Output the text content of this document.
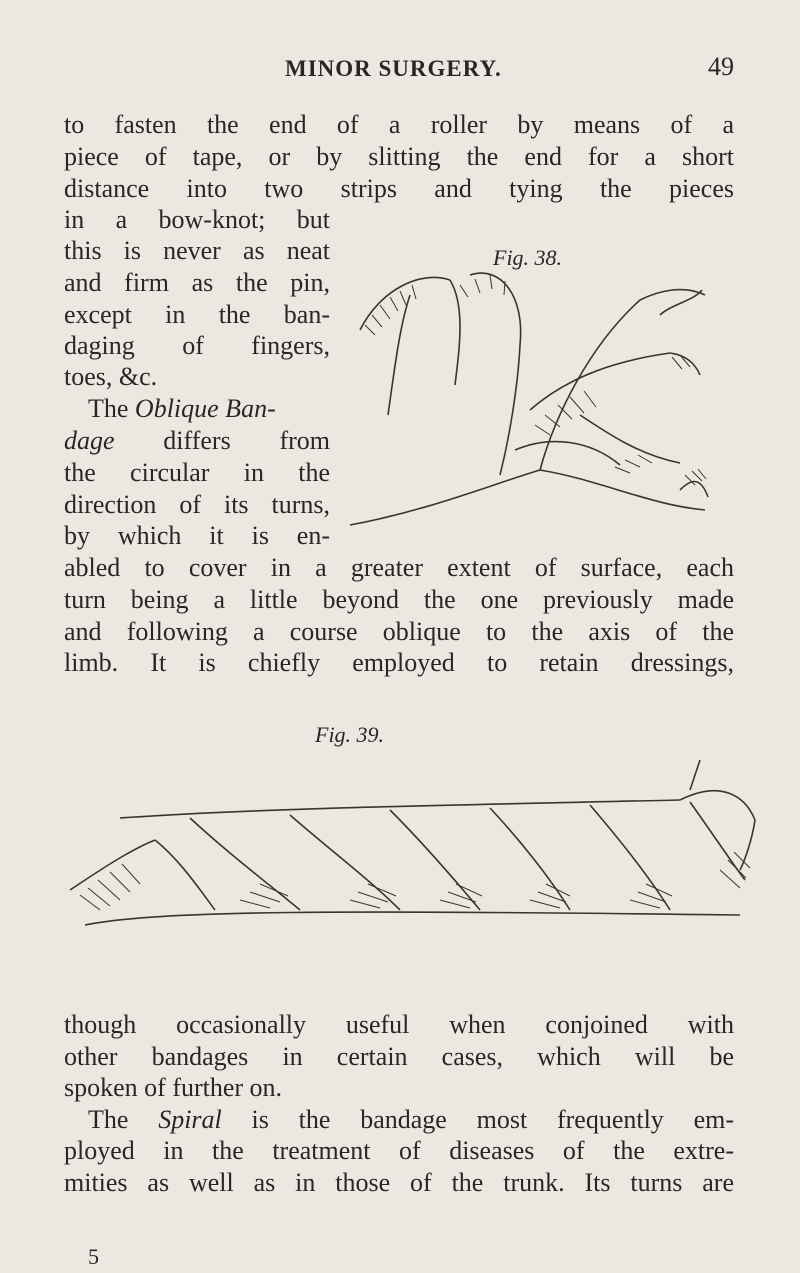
MINOR SURGERY.	49
to fasten the end of a roller by means of a
piece of tape, or by slitting the end for a short
distance into two strips and tying the pieces
in a bow-knot; but
this is never as neat
and firm as the pin,
except in the ban-
daging of fingers,
toes, &c.
The Oblique Ban-
dage differs from
the circular in the
direction of its turns,
by which it is en-
abled to cover in a greater extent of surface, each
turn being a little beyond the one previously made
and following a course oblique to the axis of the
limb. It is chiefly employed to retain dressings,
Fig. 38.
Fig. 39.
though occasionally useful when conjoined with
other bandages in certain cases, which will be
spoken of further on.
The Spiral is the bandage most frequently em-
ployed in the treatment of diseases of the extre-
mities as well as in those of the trunk. Its turns are
5
